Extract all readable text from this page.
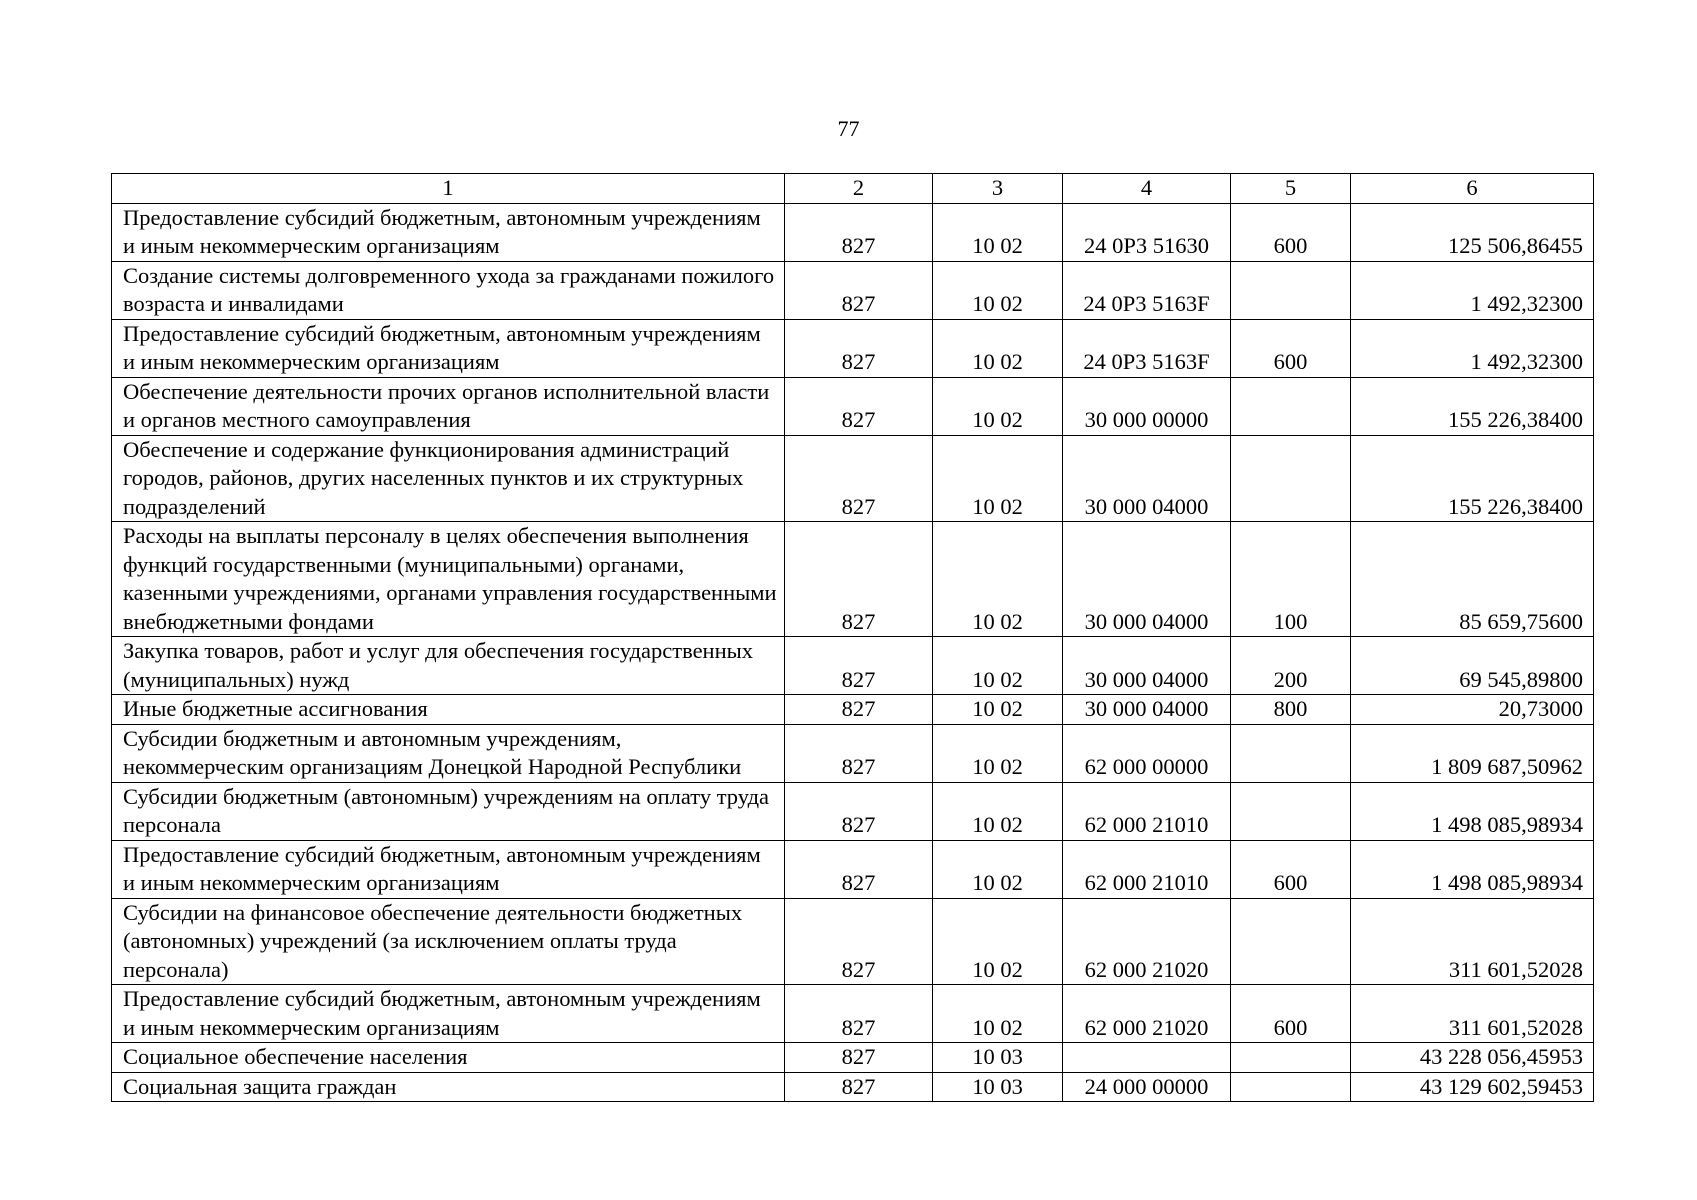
77
1	2	3	4	5	6
Предоставление субсидий бюджетным, автономным учреждениям и иным некоммерческим организациям	827	10 02	24 0Р3 51630	600	125 506,86455
Создание системы долговременного ухода за гражданами пожилого возраста и инвалидами	827	10 02	24 0Р3 5163F		1 492,32300
Предоставление субсидий бюджетным, автономным учреждениям и иным некоммерческим организациям	827	10 02	24 0Р3 5163F	600	1 492,32300
Обеспечение деятельности прочих органов исполнительной власти и органов местного самоуправления	827	10 02	30 000 00000		155 226,38400
Обеспечение и содержание функционирования администраций городов, районов, других населенных пунктов и их структурных подразделений	827	10 02	30 000 04000		155 226,38400
Расходы на выплаты персоналу в целях обеспечения выполнения функций государственными (муниципальными) органами, казенными учреждениями, органами управления государственными внебюджетными фондами	827	10 02	30 000 04000	100	85 659,75600
Закупка товаров, работ и услуг для обеспечения государственных (муниципальных) нужд	827	10 02	30 000 04000	200	69 545,89800
Иные бюджетные ассигнования	827	10 02	30 000 04000	800	20,73000
Субсидии бюджетным и автономным учреждениям, некоммерческим организациям Донецкой Народной Республики	827	10 02	62 000 00000		1 809 687,50962
Субсидии бюджетным (автономным) учреждениям на оплату труда персонала	827	10 02	62 000 21010		1 498 085,98934
Предоставление субсидий бюджетным, автономным учреждениям и иным некоммерческим организациям	827	10 02	62 000 21010	600	1 498 085,98934
Субсидии на финансовое обеспечение деятельности бюджетных (автономных) учреждений (за исключением оплаты труда персонала)	827	10 02	62 000 21020		311 601,52028
Предоставление субсидий бюджетным, автономным учреждениям и иным некоммерческим организациям	827	10 02	62 000 21020	600	311 601,52028
Социальное обеспечение населения	827	10 03			43 228 056,45953
Социальная защита граждан	827	10 03	24 000 00000		43 129 602,59453
